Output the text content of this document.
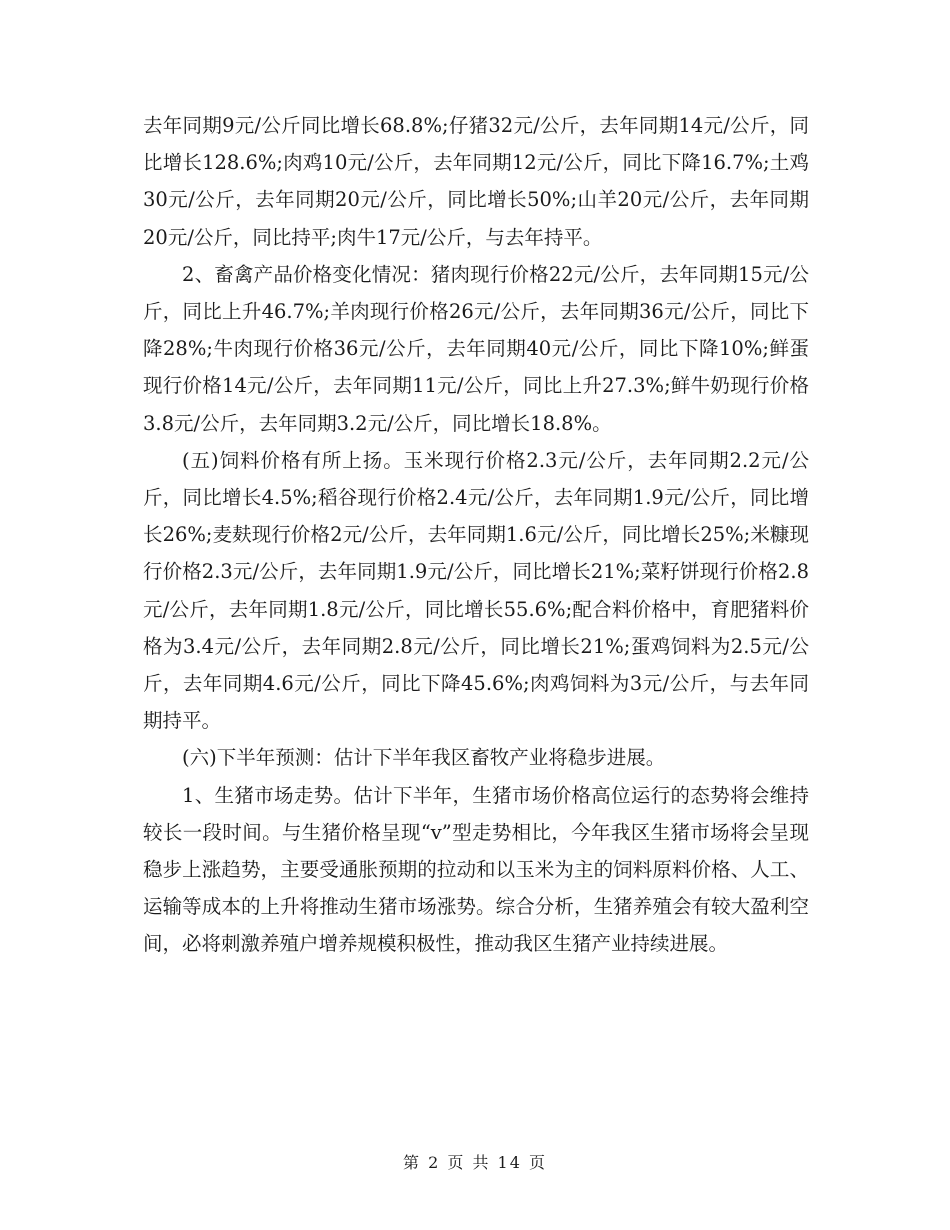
去年同期9元/公斤同比增长68.8%;仔猪32元/公斤，去年同期14元/公斤，同比增长128.6%;肉鸡10元/公斤，去年同期12元/公斤，同比下降16.7%;土鸡30元/公斤，去年同期20元/公斤，同比增长50%;山羊20元/公斤，去年同期20元/公斤，同比持平;肉牛17元/公斤，与去年持平。

2、畜禽产品价格变化情况：猪肉现行价格22元/公斤，去年同期15元/公斤，同比上升46.7%;羊肉现行价格26元/公斤，去年同期36元/公斤，同比下降28%;牛肉现行价格36元/公斤，去年同期40元/公斤，同比下降10%;鲜蛋现行价格14元/公斤，去年同期11元/公斤，同比上升27.3%;鲜牛奶现行价格3.8元/公斤，去年同期3.2元/公斤，同比增长18.8%。

(五)饲料价格有所上扬。玉米现行价格2.3元/公斤，去年同期2.2元/公斤，同比增长4.5%;稻谷现行价格2.4元/公斤，去年同期1.9元/公斤，同比增长26%;麦麸现行价格2元/公斤，去年同期1.6元/公斤，同比增长25%;米糠现行价格2.3元/公斤，去年同期1.9元/公斤，同比增长21%;菜籽饼现行价格2.8元/公斤，去年同期1.8元/公斤，同比增长55.6%;配合料价格中，育肥猪料价格为3.4元/公斤，去年同期2.8元/公斤，同比增长21%;蛋鸡饲料为2.5元/公斤，去年同期4.6元/公斤，同比下降45.6%;肉鸡饲料为3元/公斤，与去年同期持平。

(六)下半年预测：估计下半年我区畜牧产业将稳步进展。

1、生猪市场走势。估计下半年，生猪市场价格高位运行的态势将会维持较长一段时间。与生猪价格呈现“v”型走势相比，今年我区生猪市场将会呈现稳步上涨趋势，主要受通胀预期的拉动和以玉米为主的饲料原料价格、人工、运输等成本的上升将推动生猪市场涨势。综合分析，生猪养殖会有较大盈利空间，必将刺激养殖户增养规模积极性，推动我区生猪产业持续进展。

第 2 页 共 14 页
